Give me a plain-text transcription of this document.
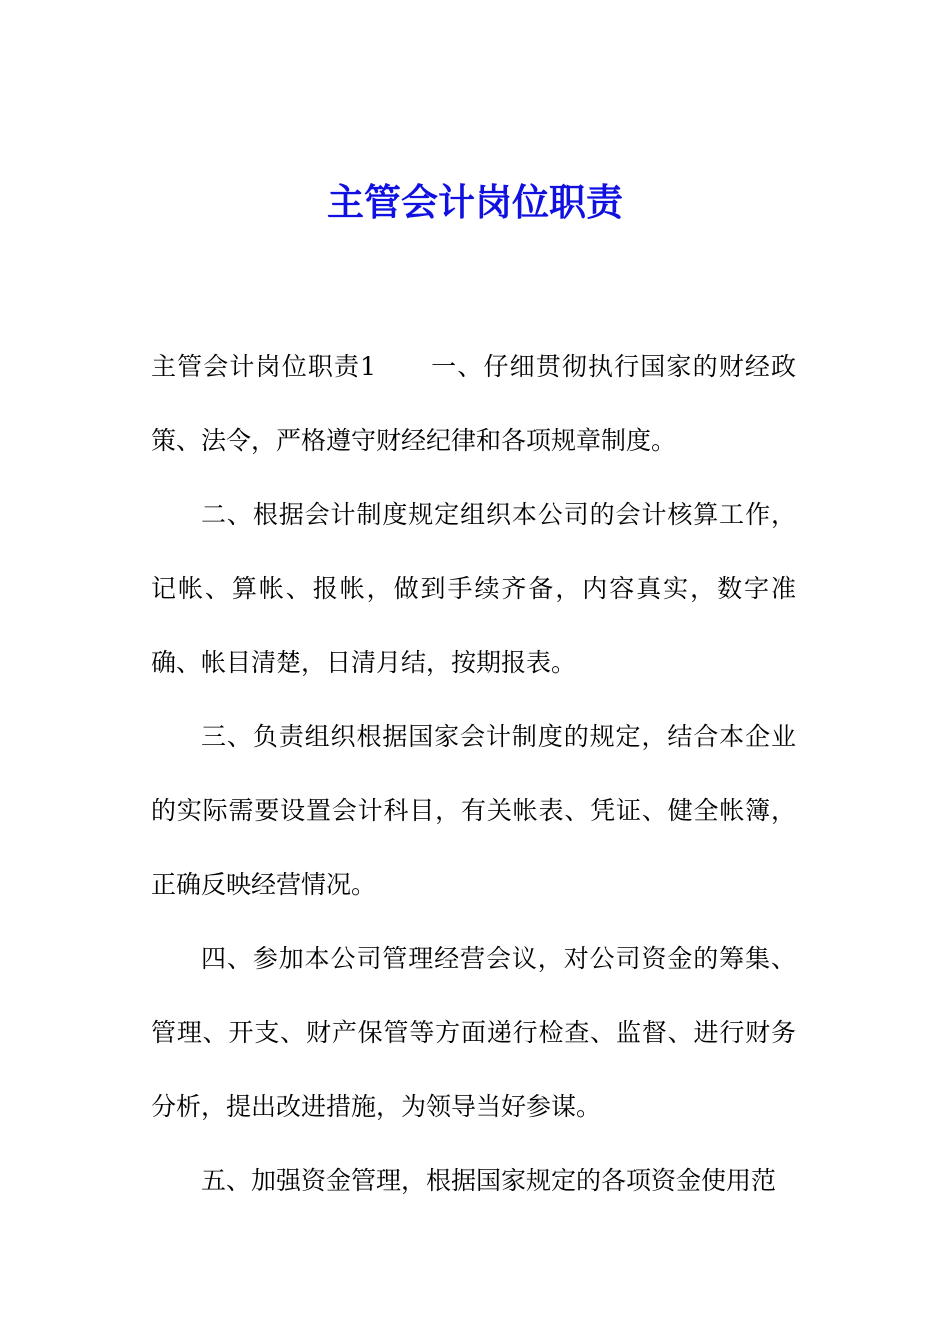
主管会计岗位职责

主管会计岗位职责1 一、仔细贯彻执行国家的财经政策、法令，严格遵守财经纪律和各项规章制度。

二、根据会计制度规定组织本公司的会计核算工作，记帐、算帐、报帐，做到手续齐备，内容真实，数字准确、帐目清楚，日清月结，按期报表。

三、负责组织根据国家会计制度的规定，结合本企业的实际需要设置会计科目，有关帐表、凭证、健全帐簿，正确反映经营情况。

四、参加本公司管理经营会议，对公司资金的筹集、管理、开支、财产保管等方面递行检查、监督、进行财务分析，提出改进措施，为领导当好参谋。

五、加强资金管理，根据国家规定的各项资金使用范
